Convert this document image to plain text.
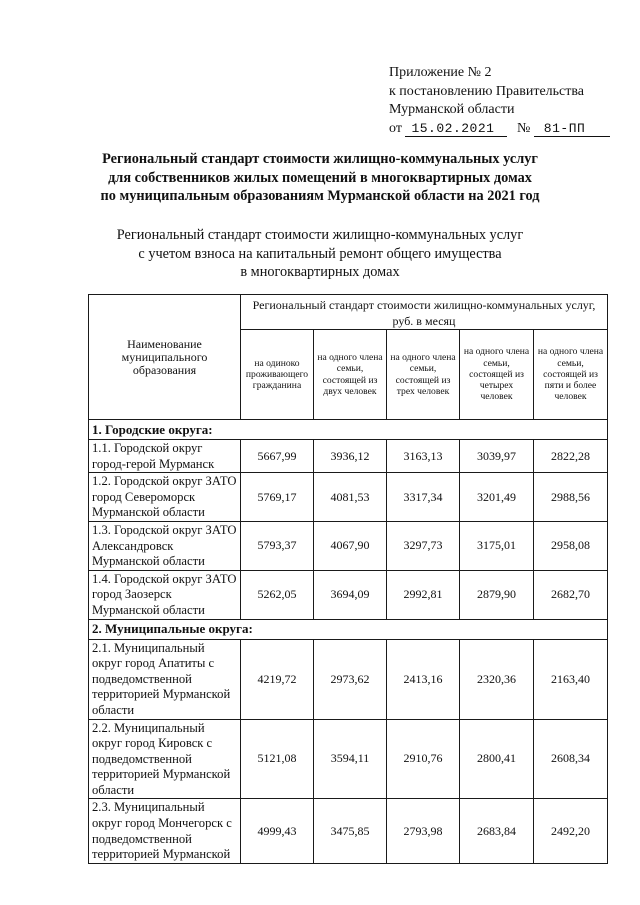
Приложение № 2
к постановлению Правительства
Мурманской области
от 15.02.2021 № 81-ПП
Региональный стандарт стоимости жилищно-коммунальных услуг
для собственников жилых помещений в многоквартирных домах
по муниципальным образованиям Мурманской области на 2021 год
Региональный стандарт стоимости жилищно-коммунальных услуг
с учетом взноса на капитальный ремонт общего имущества
в многоквартирных домах
Наименование муниципального образования	Региональный стандарт стоимости жилищно-коммунальных услуг, руб. в месяц				
	на одиноко проживающего гражданина	на одного члена семьи, состоящей из двух человек	на одного члена семьи, состоящей из трех человек	на одного члена семьи, состоящей из четырех человек	на одного члена семьи, состоящей из пяти и более человек
1. Городские округа:					
1.1. Городской округ город-герой Мурманск	5667,99	3936,12	3163,13	3039,97	2822,28
1.2. Городской округ ЗАТО город Североморск Мурманской области	5769,17	4081,53	3317,34	3201,49	2988,56
1.3. Городской округ ЗАТО Александровск Мурманской области	5793,37	4067,90	3297,73	3175,01	2958,08
1.4. Городской округ ЗАТО город Заозерск Мурманской области	5262,05	3694,09	2992,81	2879,90	2682,70
2. Муниципальные округа:					
2.1. Муниципальный округ город Апатиты с подведомственной территорией Мурманской области	4219,72	2973,62	2413,16	2320,36	2163,40
2.2. Муниципальный округ город Кировск с подведомственной территорией Мурманской области	5121,08	3594,11	2910,76	2800,41	2608,34
2.3. Муниципальный округ город Мончегорск с подведомственной территорией Мурманской	4999,43	3475,85	2793,98	2683,84	2492,20
